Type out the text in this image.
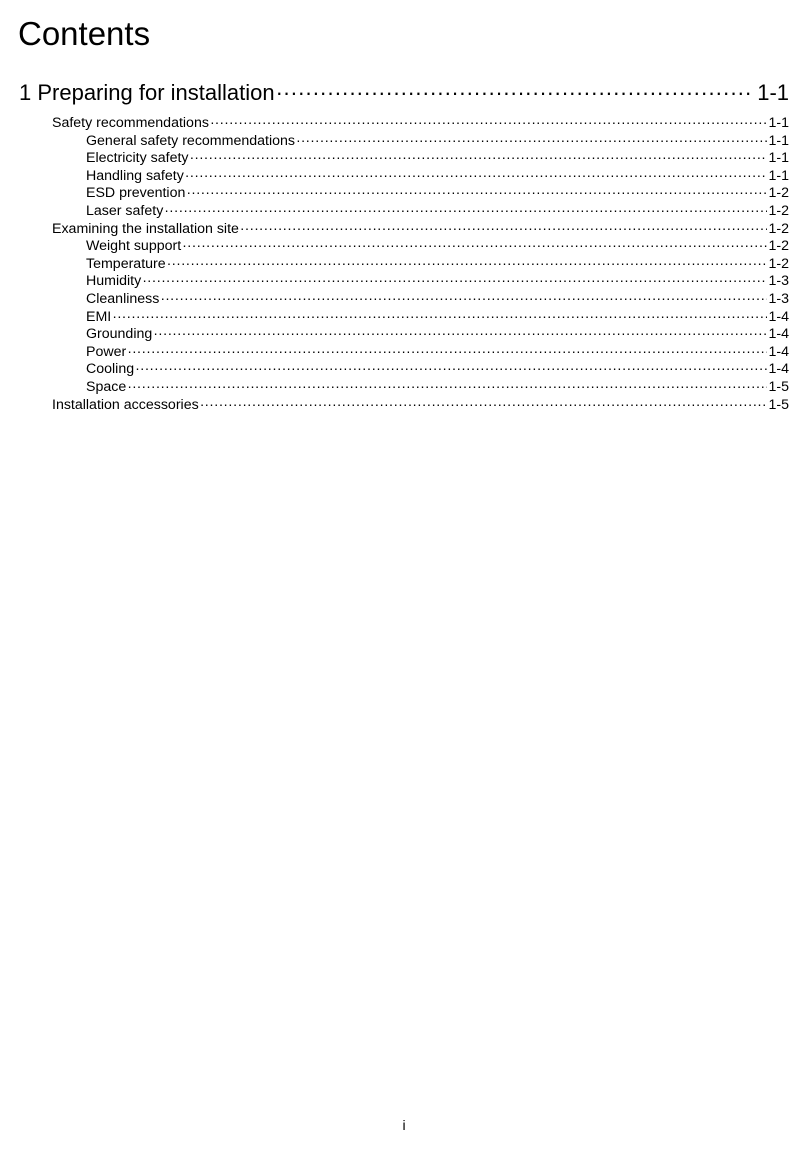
Contents
1 Preparing for installation ·····	1-1
Safety recommendations ·····	1-1
General safety recommendations ·····	1-1
Electricity safety ·····	1-1
Handling safety ·····	1-1
ESD prevention ·····	1-2
Laser safety ·····	1-2
Examining the installation site ·····	1-2
Weight support ·····	1-2
Temperature ·····	1-2
Humidity ·····	1-3
Cleanliness ·····	1-3
EMI ·····	1-4
Grounding ·····	1-4
Power ·····	1-4
Cooling ·····	1-4
Space ·····	1-5
Installation accessories ·····	1-5
i
